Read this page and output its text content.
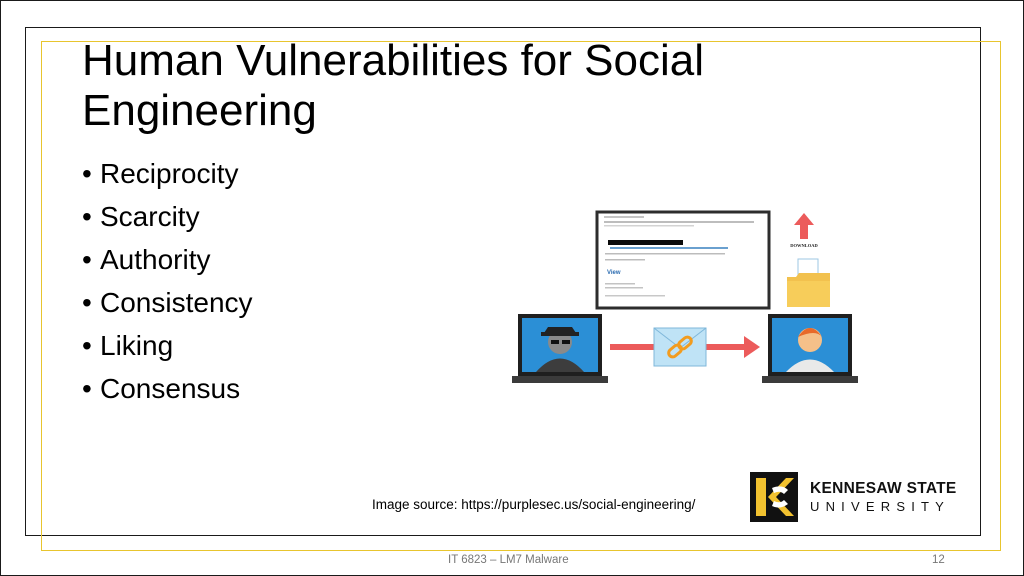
Human Vulnerabilities for Social Engineering
• Reciprocity
• Scarcity
• Authority
• Consistency
• Liking
• Consensus
View
DOWNLOAD
Image source: https://purplesec.us/social-engineering/
KENNESAW STATE
UNIVERSITY
IT 6823 – LM7 Malware	12
